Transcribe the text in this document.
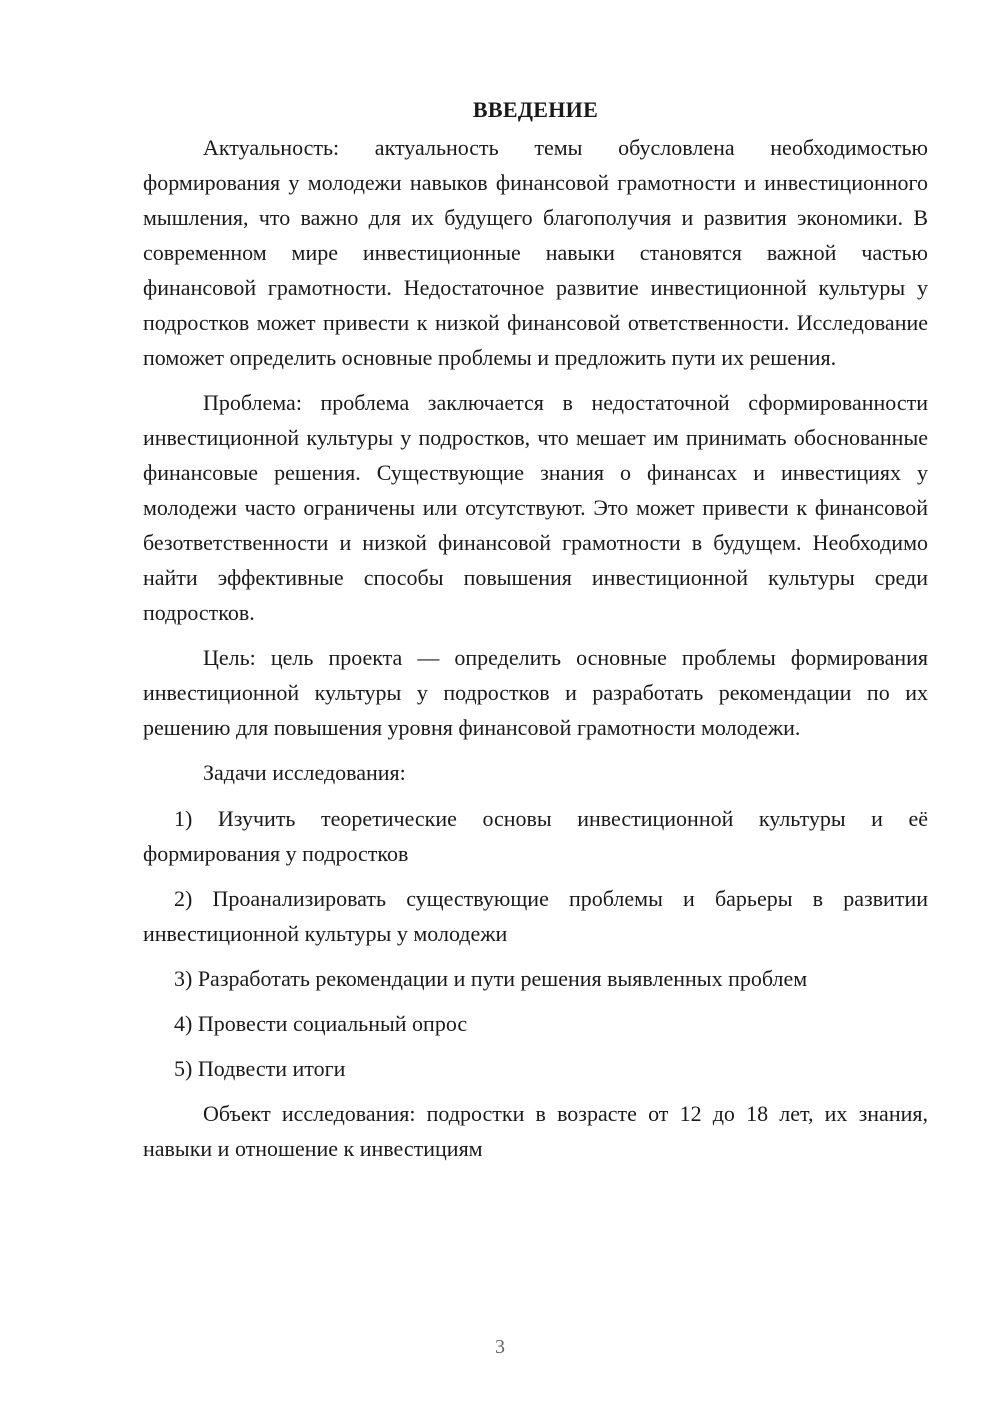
ВВЕДЕНИЕ

Актуальность: актуальность темы обусловлена необходимостью формирования у молодежи навыков финансовой грамотности и инвестиционного мышления, что важно для их будущего благополучия и развития экономики. В современном мире инвестиционные навыки становятся важной частью финансовой грамотности. Недостаточное развитие инвестиционной культуры у подростков может привести к низкой финансовой ответственности. Исследование поможет определить основные проблемы и предложить пути их решения.

Проблема: проблема заключается в недостаточной сформированности инвестиционной культуры у подростков, что мешает им принимать обоснованные финансовые решения. Существующие знания о финансах и инвестициях у молодежи часто ограничены или отсутствуют. Это может привести к финансовой безответственности и низкой финансовой грамотности в будущем. Необходимо найти эффективные способы повышения инвестиционной культуры среди подростков.

Цель: цель проекта — определить основные проблемы формирования инвестиционной культуры у подростков и разработать рекомендации по их решению для повышения уровня финансовой грамотности молодежи.

Задачи исследования:

1) Изучить теоретические основы инвестиционной культуры и её формирования у подростков

2) Проанализировать существующие проблемы и барьеры в развитии инвестиционной культуры у молодежи

3) Разработать рекомендации и пути решения выявленных проблем

4) Провести социальный опрос

5) Подвести итоги

Объект исследования: подростки в возрасте от 12 до 18 лет, их знания, навыки и отношение к инвестициям

3
